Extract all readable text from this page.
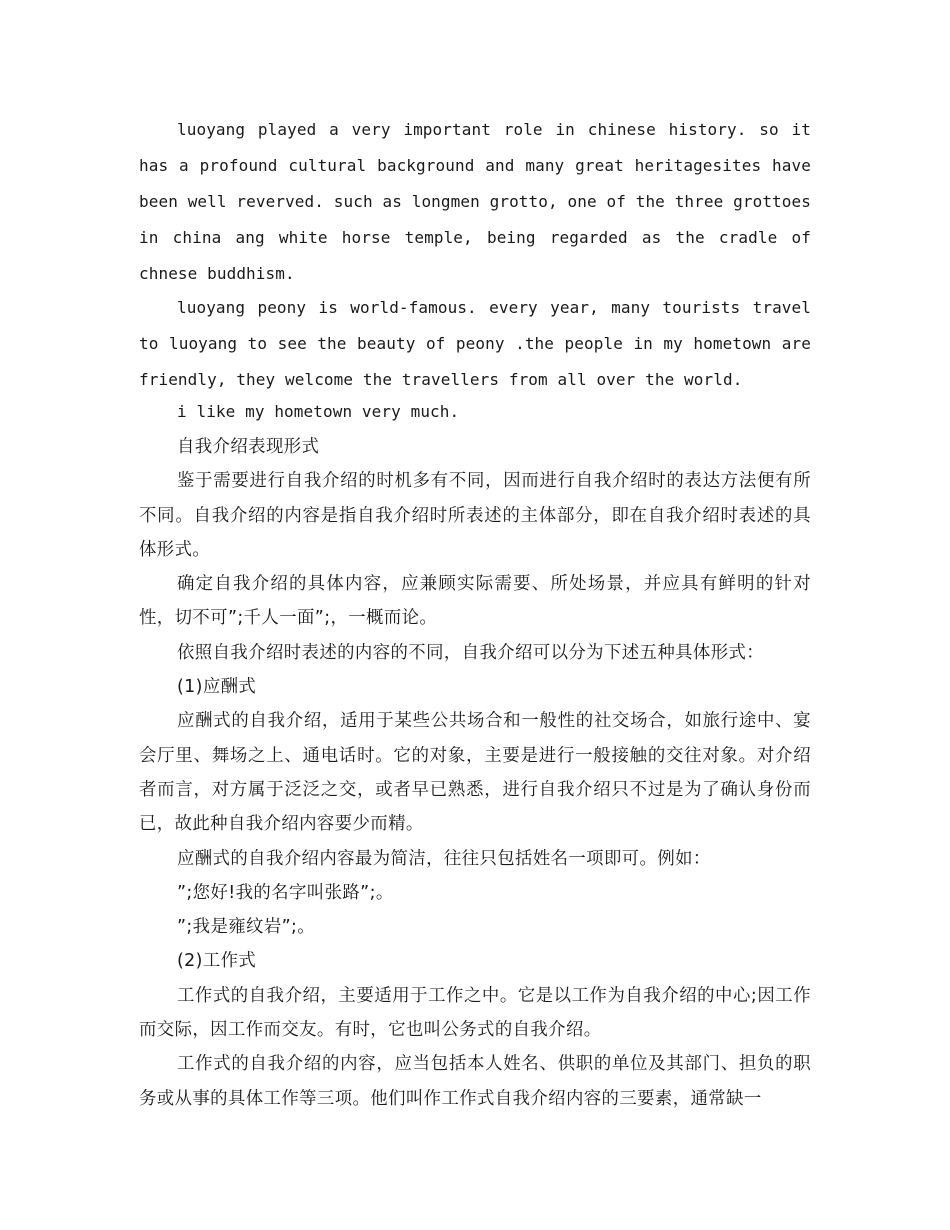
luoyang played a very important role in chinese history. so it has a profound cultural background and many great heritagesites have been well reverved. such as longmen grotto, one of the three grottoes in china ang white horse temple, being regarded as the cradle of chnese buddhism.

luoyang peony is world-famous. every year, many tourists travel to luoyang to see the beauty of peony .the people in my hometown are friendly, they welcome the travellers from all over the world.

i like my hometown very much.

自我介绍表现形式

鉴于需要进行自我介绍的时机多有不同，因而进行自我介绍时的表达方法便有所不同。自我介绍的内容是指自我介绍时所表述的主体部分，即在自我介绍时表述的具体形式。

确定自我介绍的具体内容，应兼顾实际需要、所处场景，并应具有鲜明的针对性，切不可”;千人一面”;，一概而论。

依照自我介绍时表述的内容的不同，自我介绍可以分为下述五种具体形式：

(1)应酬式

应酬式的自我介绍，适用于某些公共场合和一般性的社交场合，如旅行途中、宴会厅里、舞场之上、通电话时。它的对象，主要是进行一般接触的交往对象。对介绍者而言，对方属于泛泛之交，或者早已熟悉，进行自我介绍只不过是为了确认身份而已，故此种自我介绍内容要少而精。

应酬式的自我介绍内容最为简洁，往往只包括姓名一项即可。例如：

”;您好!我的名字叫张路”;。

”;我是雍纹岩”;。

(2)工作式

工作式的自我介绍，主要适用于工作之中。它是以工作为自我介绍的中心;因工作而交际，因工作而交友。有时，它也叫公务式的自我介绍。

工作式的自我介绍的内容，应当包括本人姓名、供职的单位及其部门、担负的职务或从事的具体工作等三项。他们叫作工作式自我介绍内容的三要素，通常缺一
